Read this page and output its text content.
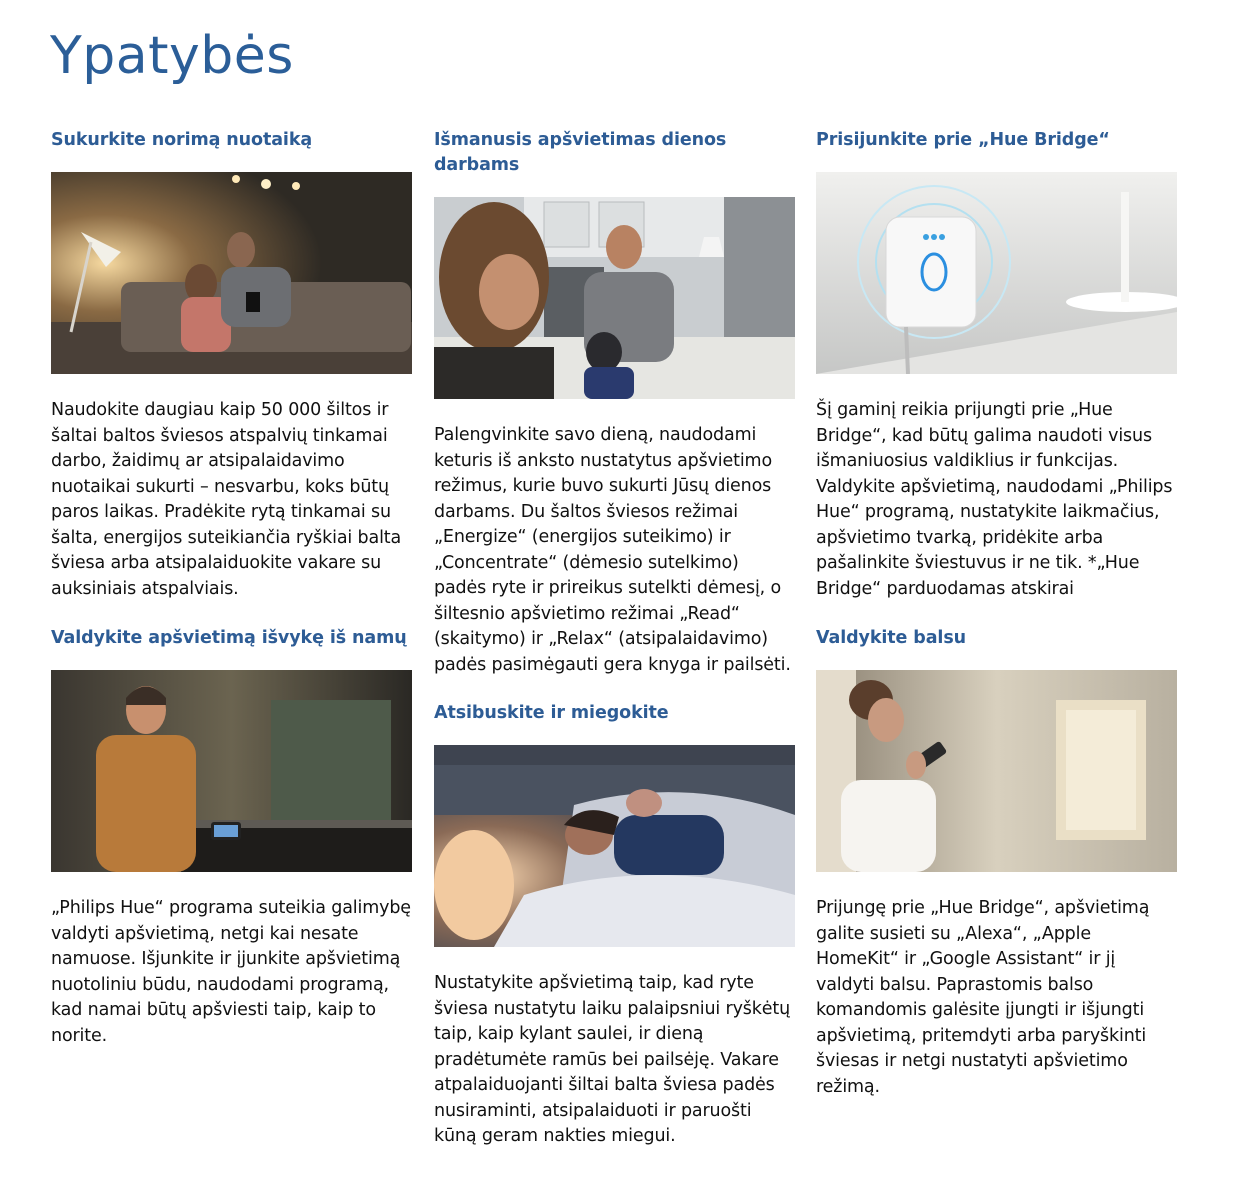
Ypatybės
Sukurkite norimą nuotaiką

Naudokite daugiau kaip 50 000 šiltos ir šaltai baltos šviesos atspalvių tinkamai darbo, žaidimų ar atsipalaidavimo nuotaikai sukurti – nesvarbu, koks būtų paros laikas. Pradėkite rytą tinkamai su šalta, energijos suteikiančia ryškiai balta šviesa arba atsipalaiduokite vakare su auksiniais atspalviais.

Valdykite apšvietimą išvykę iš namų

„Philips Hue“ programa suteikia galimybę valdyti apšvietimą, netgi kai nesate namuose. Išjunkite ir įjunkite apšvietimą nuotoliniu būdu, naudodami programą, kad namai būtų apšviesti taip, kaip to norite.

Išmanusis apšvietimas dienos darbams

Palengvinkite savo dieną, naudodami keturis iš anksto nustatytus apšvietimo režimus, kurie buvo sukurti Jūsų dienos darbams. Du šaltos šviesos režimai „Energize“ (energijos suteikimo) ir „Concentrate“ (dėmesio sutelkimo) padės ryte ir prireikus sutelkti dėmesį, o šiltesnio apšvietimo režimai „Read“ (skaitymo) ir „Relax“ (atsipalaidavimo) padės pasimėgauti gera knyga ir pailsėti.

Atsibuskite ir miegokite

Nustatykite apšvietimą taip, kad ryte šviesa nustatytu laiku palaipsniui ryškėtų taip, kaip kylant saulei, ir dieną pradėtumėte ramūs bei pailsėję. Vakare atpalaiduojanti šiltai balta šviesa padės nusiraminti, atsipalaiduoti ir paruošti kūną geram nakties miegui.

Prisijunkite prie „Hue Bridge“

Šį gaminį reikia prijungti prie „Hue Bridge“, kad būtų galima naudoti visus išmaniuosius valdiklius ir funkcijas. Valdykite apšvietimą, naudodami „Philips Hue“ programą, nustatykite laikmačius, apšvietimo tvarką, pridėkite arba pašalinkite šviestuvus ir ne tik. *„Hue Bridge“ parduodamas atskirai

Valdykite balsu

Prijungę prie „Hue Bridge“, apšvietimą galite susieti su „Alexa“, „Apple HomeKit“ ir „Google Assistant“ ir jį valdyti balsu. Paprastomis balso komandomis galėsite įjungti ir išjungti apšvietimą, pritemdyti arba paryškinti šviesas ir netgi nustatyti apšvietimo režimą.
